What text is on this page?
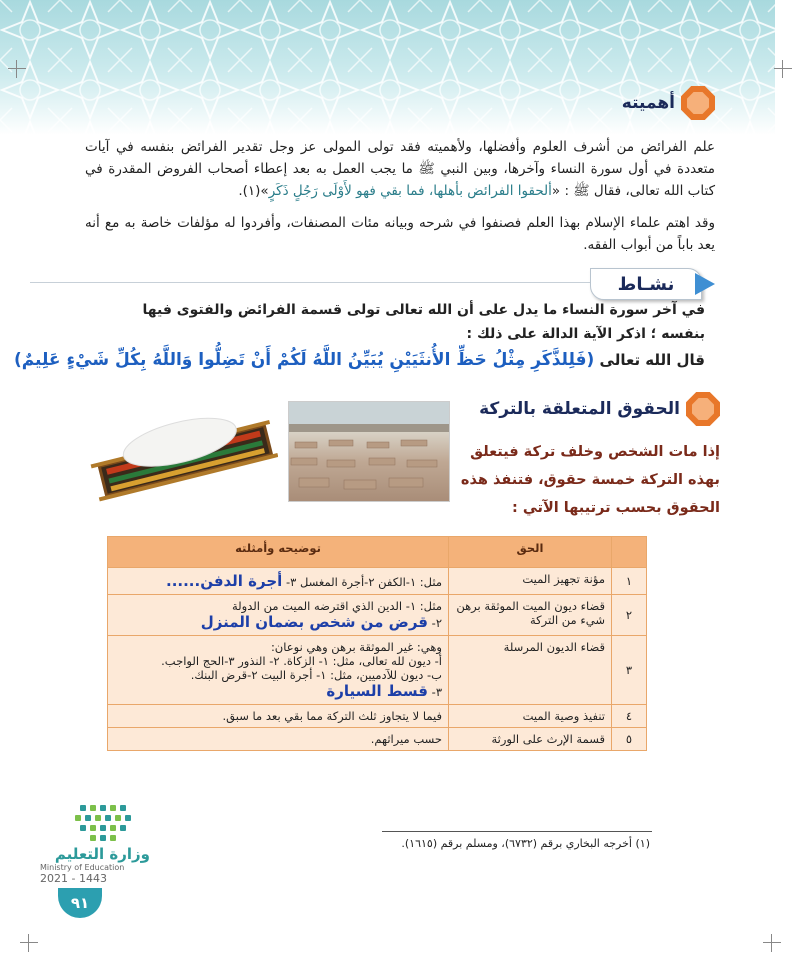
أهميته
علم الفرائض من أشرف العلوم وأفضلها، ولأهميته فقد تولى المولى عز وجل تقدير الفرائض بنفسه في آيات متعددة في أول سورة النساء وآخرها، وبين النبي ﷺ ما يجب العمل به بعد إعطاء أصحاب الفروض المقدرة في كتاب الله تعالى، فقال ﷺ : «ألحقوا الفرائض بأهلها، فما بقي فهو لأَوْلَى رَجُلٍ ذَكَرٍ»(١).
وقد اهتم علماء الإسلام بهذا العلم فصنفوا في شرحه وبيانه مئات المصنفات، وأفردوا له مؤلفات خاصة به مع أنه يعد باباً من أبواب الفقه.
نشـاط
في آخر سورة النساء ما يدل على أن الله تعالى تولى قسمة الفرائض والفتوى فيها
بنفسه ؛ اذكر الآية الدالة على ذلك :
قال الله تعالى (فَلِلذَّكَرِ مِثْلُ حَظِّ الأُنثَيَيْنِ يُبَيِّنُ اللَّهُ لَكُمْ أَنْ تَضِلُّوا وَاللَّهُ بِكُلِّ شَيْءٍ عَلِيمٌ)
الحقوق المتعلقة بالتركة
إذا مات الشخص وخلف تركة فيتعلق بهذه التركة خمسة حقوق، فتنفذ هذه الحقوق بحسب ترتيبها الآتي :
	الحق	توضيحه وأمثلته
١	مؤنة تجهيز الميت	مثل: ١-الكفن ٢-أجرة المغسل ٣- أجرة الدفن......
٢	قضاء ديون الميت الموثقة برهن شيء من التركة	مثل: ١- الدين الذي اقترضه الميت من الدولة
٢- قرض من شخص بضمان المنزل

٣	قضاء الديون المرسلة	وهي: غير الموثقة برهن وهي نوعان:
أ- ديون لله تعالى، مثل: ١- الزكاة. ٢- النذور ٣-الحج الواجب.
ب- ديون للآدميين، مثل: ١- أجرة البيت ٢-قرض البنك.
٣- قسط السيارة

٤	تنفيذ وصية الميت	فيما لا يتجاوز ثلث التركة مما بقي بعد ما سبق.
٥	قسمة الإرث على الورثة	حسب ميراثهم.
(١) أخرجه البخاري برقم (٦٧٣٢)، ومسلم برقم (١٦١٥).
وزارة التعليم
Ministry of Education
2021 - 1443
٩١
